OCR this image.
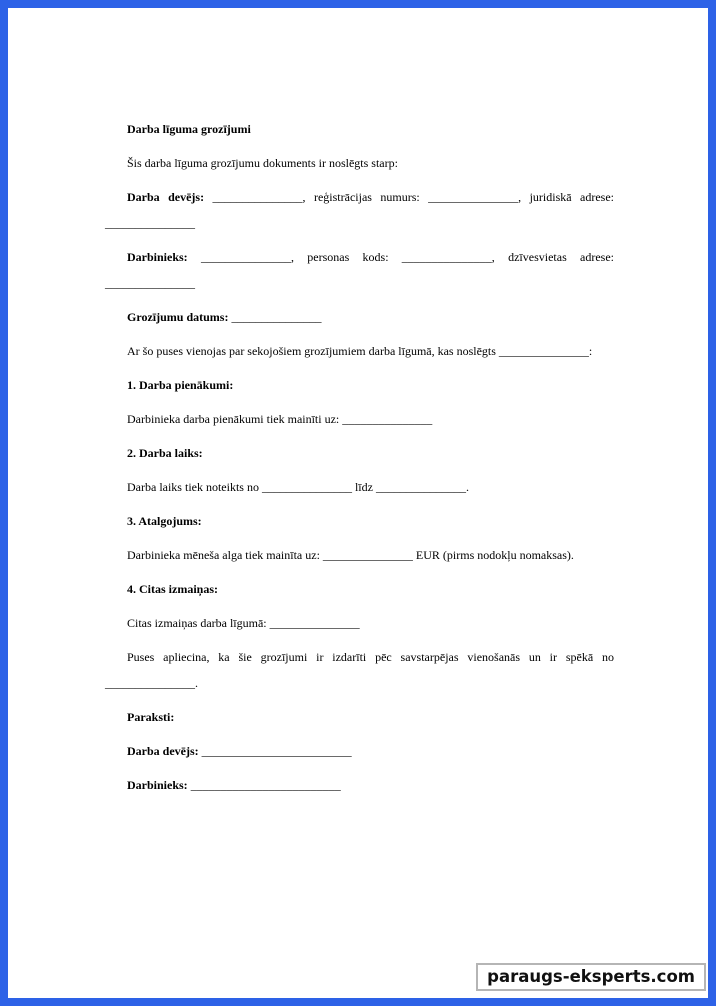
Darba līguma grozījumi

Šis darba līguma grozījumu dokuments ir noslēgts starp:

Darba devējs: _______________, reģistrācijas numurs: _______________, juridiskā adrese:
_______________
Darbinieks: _______________, personas kods: _______________, dzīvesvietas adrese:
_______________

Grozījumu datums: _______________

Ar šo puses vienojas par sekojošiem grozījumiem darba līgumā, kas noslēgts _______________:

1. Darba pienākumi:

Darbinieka darba pienākumi tiek mainīti uz: _______________

2. Darba laiks:

Darba laiks tiek noteikts no _______________ līdz _______________.

3. Atalgojums:

Darbinieka mēneša alga tiek mainīta uz: _______________ EUR (pirms nodokļu nomaksas).

4. Citas izmaiņas:

Citas izmaiņas darba līgumā: _______________

Puses apliecina, ka šie grozījumi ir izdarīti pēc savstarpējas vienošanās un ir spēkā no
_______________.

Paraksti:

Darba devējs: _________________________

Darbinieks: _________________________

paraugs-eksperts.com
